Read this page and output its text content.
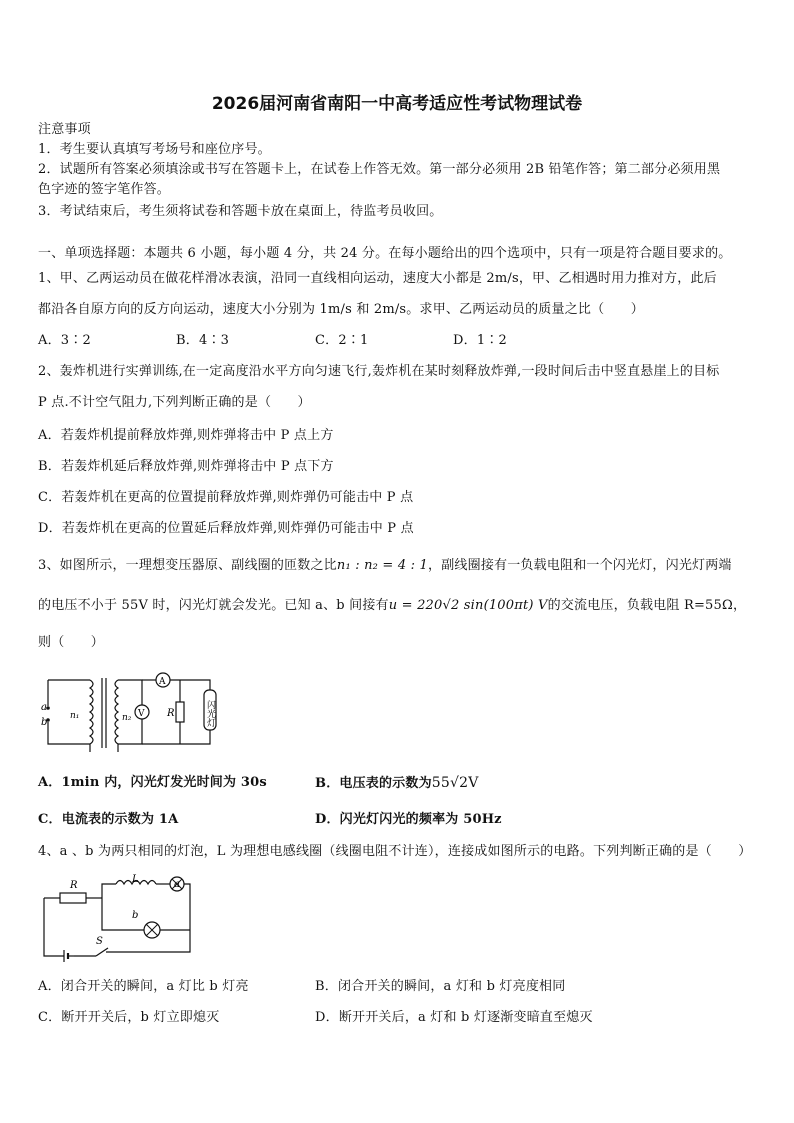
2026届河南省南阳一中高考适应性考试物理试卷
注意事项
1．考生要认真填写考场号和座位序号。
2．试题所有答案必须填涂或书写在答题卡上，在试卷上作答无效。第一部分必须用 2B 铅笔作答；第二部分必须用黑
色字迹的签字笔作答。
3．考试结束后，考生须将试卷和答题卡放在桌面上，待监考员收回。
一、单项选择题：本题共 6 小题，每小题 4 分，共 24 分。在每小题给出的四个选项中，只有一项是符合题目要求的。
1、甲、乙两运动员在做花样滑冰表演，沿同一直线相向运动，速度大小都是 2m/s，甲、乙相遇时用力推对方，此后
都沿各自原方向的反方向运动，速度大小分别为 1m/s 和 2m/s。求甲、乙两运动员的质量之比（　　）
A．3∶2	B．4∶3	C．2∶1	D．1∶2
2、轰炸机进行实弹训练,在一定高度沿水平方向匀速飞行,轰炸机在某时刻释放炸弹,一段时间后击中竖直悬崖上的目标
P 点.不计空气阻力,下列判断正确的是（　　）
A．若轰炸机提前释放炸弹,则炸弹将击中 P 点上方
B．若轰炸机延后释放炸弹,则炸弹将击中 P 点下方
C．若轰炸机在更高的位置提前释放炸弹,则炸弹仍可能击中 P 点
D．若轰炸机在更高的位置延后释放炸弹,则炸弹仍可能击中 P 点
3、如图所示，一理想变压器原、副线圈的匝数之比n₁ : n₂ = 4 : 1，副线圈接有一负载电阻和一个闪光灯，闪光灯两端
的电压不小于 55V 时，闪光灯就会发光。已知 a、b 间接有u = 220√2 sin(100πt) V的交流电压，负载电阻 R=55Ω，
则（　　）
a
b
n₁	n₂
A
V R	闪光灯
A．1min 内，闪光灯发光时间为 30s	B．电压表的示数为55√2V
C．电流表的示数为 1A	D．闪光灯闪光的频率为 50Hz
4、a 、b 为两只相同的灯泡，L 为理想电感线圈（线圈电阻不计连），连接成如图所示的电路。下列判断正确的是（　　）
R
L	a
b
S
A．闭合开关的瞬间，a 灯比 b 灯亮	B．闭合开关的瞬间，a 灯和 b 灯亮度相同
C．断开开关后，b 灯立即熄灭	D．断开开关后，a 灯和 b 灯逐渐变暗直至熄灭
